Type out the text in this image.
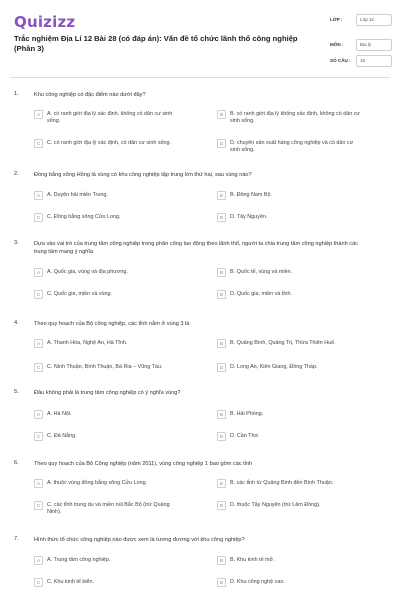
Quizizz
Trắc nghiệm Địa Lí 12 Bài 28 (có đáp án): Vấn đề tổ chức lãnh thổ công nghiệp (Phần 3)
LỚP :	Lớp 12
MÔN :	Địa lý
SỐ CÂU :	15
1.	Khu công nghiệp có đặc điểm nào dưới đây?
A	A. có ranh giới địa lý xác định, không có dân cư sinh sống.
B	B. có ranh giới địa lý không xác định, không có dân cư sinh sống.
C	C. có ranh giới địa lý xác định, có dân cư sinh sống.	D	D. chuyên sản xuất hàng công nghiệp và có dân cư sinh sống.
2.	Đồng bằng sông Hồng là vùng có khu công nghiệp tập trung lớn thứ hai, sau vùng nào?
A	A. Duyên hải miền Trung.	B	B. Đông Nam Bộ.
C	C. Đồng bằng sông Cửu Long.	D	D. Tây Nguyên.
3.	Dựa vào vai trò của trung tâm công nghiệp trong phân công lao động theo lãnh thổ, người ta chia trung tâm công nghiệp thành các trung tâm mang ý nghĩa
A	A. Quốc gia, vùng và địa phương.	B	B. Quốc tế, vùng và miền.
C	C. Quốc gia, miền và vùng.	D	D. Quốc gia, miền và tỉnh.
4.	Theo quy hoạch của Bộ công nghiệp, các tỉnh nằm ở vùng 3 là
A	A. Thanh Hóa, Nghệ An, Hà Tĩnh.	B	B. Quảng Bình, Quảng Trị, Thừa Thiên Huế.
C	C. Ninh Thuận, Bình Thuận, Bà Rịa – Vũng Tàu.	D	D. Long An, Kiên Giang, Đồng Tháp.
5.	Đâu không phải là trung tâm công nghiệp có ý nghĩa vùng?
A	A. Hà Nội.	B	B. Hải Phòng.
C	C. Đà Nẵng.	D	D. Cần Thơ.
6.	Theo quy hoạch của Bộ Công nghiệp (năm 2011), vùng công nghiệp 1 bao gồm các tỉnh
A	A. thuộc vùng đồng bằng sông Cửu Long.	B	B. các tỉnh từ Quảng Bình đến Bình Thuận.
C	C. các tỉnh trung du và miền núi Bắc Bộ (trừ Quảng Ninh).
D	D. thuộc Tây Nguyên (trừ Lâm Đồng).
7.	Hình thức tổ chức công nghiệp nào được xem là tương đương với khu công nghiệp?
A	A. Trung tâm công nghiệp.	B	B. Khu kinh tế mở.
C	C. Khu kinh tế biển.	D	D. Khu công nghệ cao.
